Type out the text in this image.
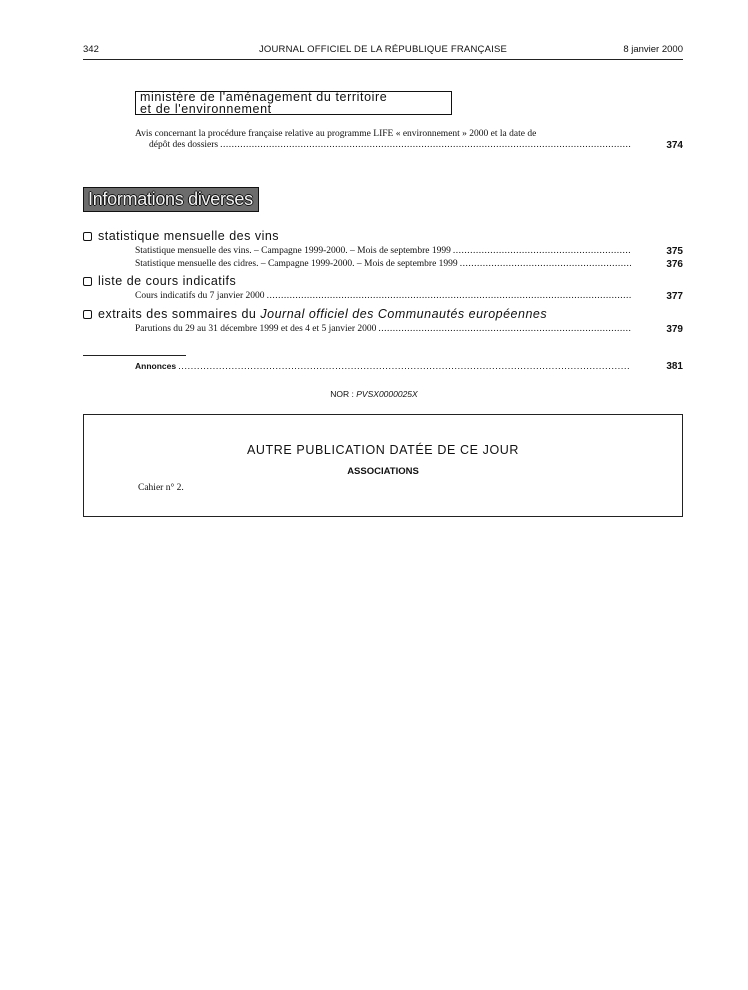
342	JOURNAL OFFICIEL DE LA RÉPUBLIQUE FRANÇAISE	8 janvier 2000
ministère de l'aménagement du territoire
et de l'environnement
Avis concernant la procédure française relative au programme LIFE « environnement » 2000 et la date de
dépôt des dossiers .....	374
Informations diverses
statistique mensuelle des vins
Statistique mensuelle des vins. – Campagne 1999-2000. – Mois de septembre 1999 .....	375
Statistique mensuelle des cidres. – Campagne 1999-2000. – Mois de septembre 1999 .....	376
liste de cours indicatifs
Cours indicatifs du 7 janvier 2000 .....	377
extraits des sommaires du Journal officiel des Communautés européennes
Parutions du 29 au 31 décembre 1999 et des 4 et 5 janvier 2000 .....	379
Annonces .....	381
NOR : PVSX0000025X
AUTRE PUBLICATION DATÉE DE CE JOUR
ASSOCIATIONS
Cahier n° 2.
